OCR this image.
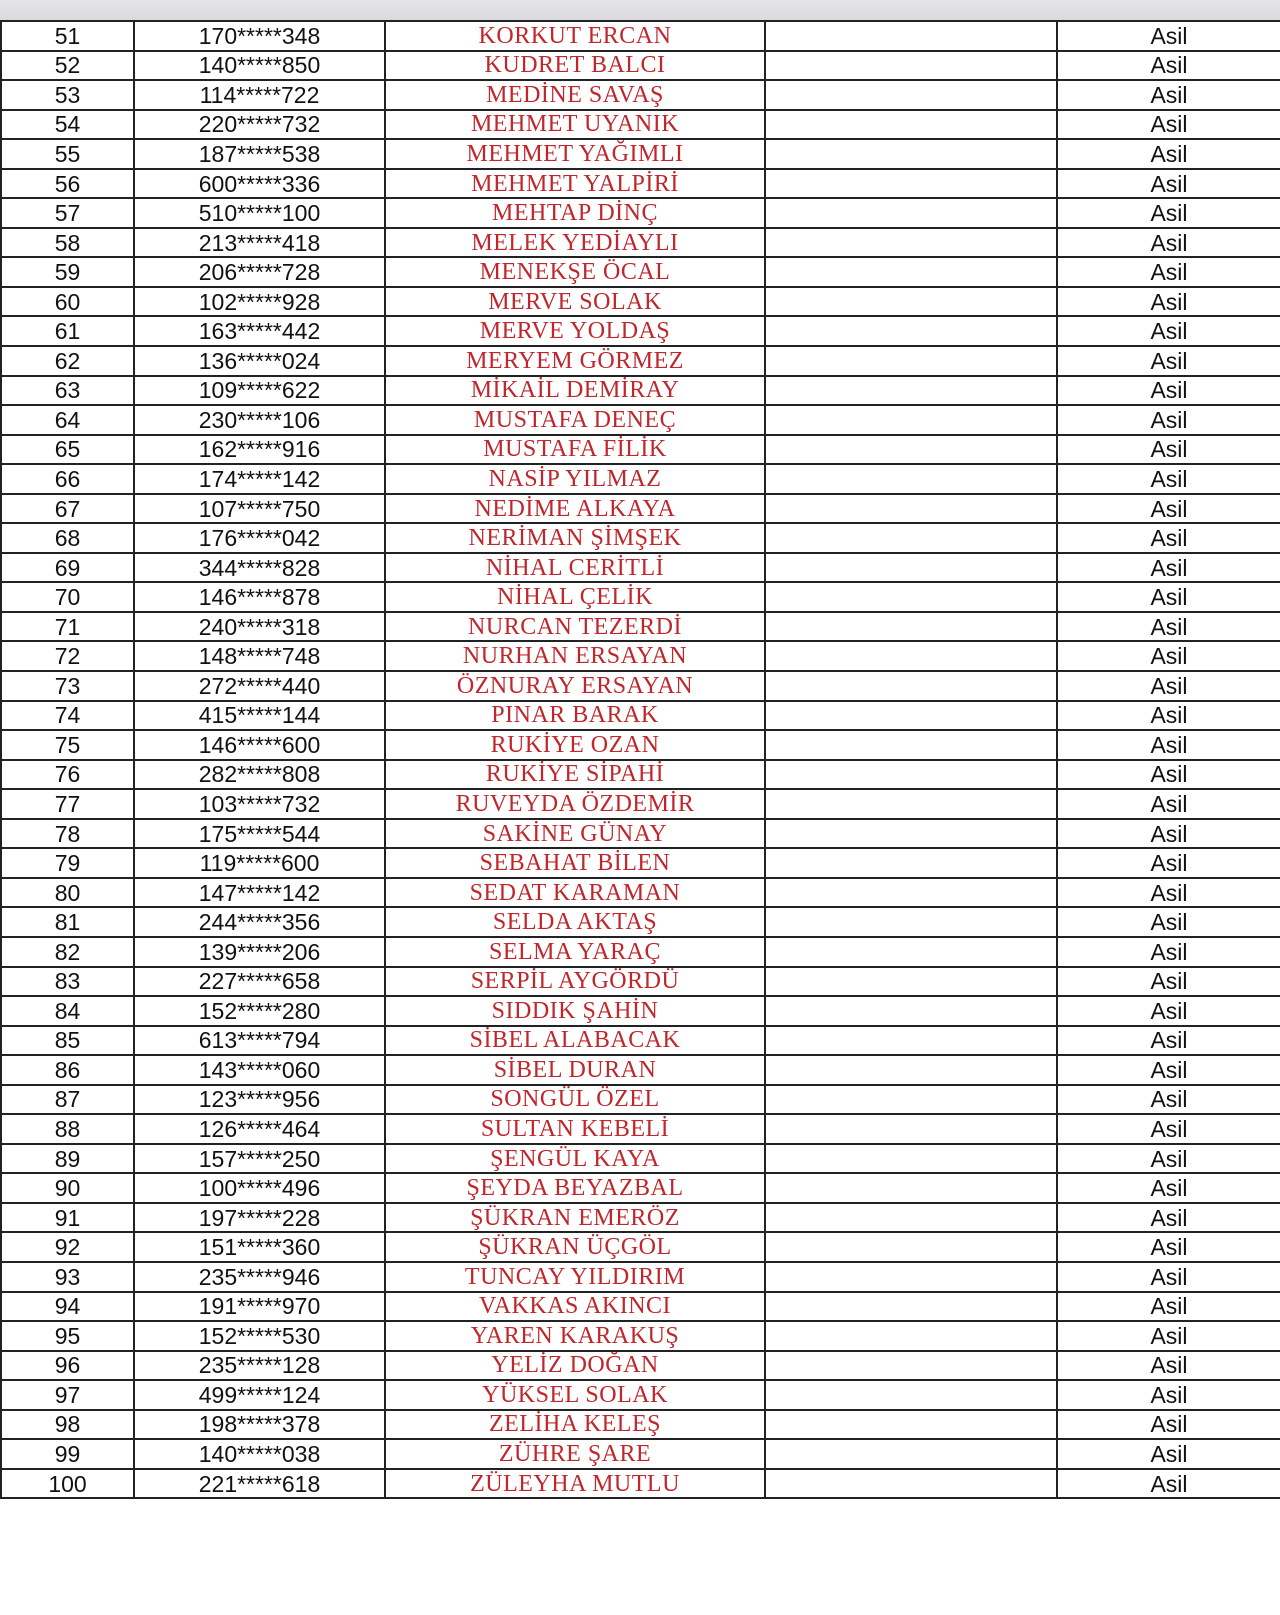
51	170*****348	KORKUT ERCAN		Asil
52	140*****850	KUDRET BALCI		Asil
53	114*****722	MEDİNE SAVAŞ		Asil
54	220*****732	MEHMET UYANIK		Asil
55	187*****538	MEHMET YAĞIMLI		Asil
56	600*****336	MEHMET YALPİRİ		Asil
57	510*****100	MEHTAP DİNÇ		Asil
58	213*****418	MELEK YEDİAYLI		Asil
59	206*****728	MENEKŞE ÖCAL		Asil
60	102*****928	MERVE SOLAK		Asil
61	163*****442	MERVE YOLDAŞ		Asil
62	136*****024	MERYEM GÖRMEZ		Asil
63	109*****622	MİKAİL DEMİRAY		Asil
64	230*****106	MUSTAFA DENEÇ		Asil
65	162*****916	MUSTAFA FİLİK		Asil
66	174*****142	NASİP YILMAZ		Asil
67	107*****750	NEDİME ALKAYA		Asil
68	176*****042	NERİMAN ŞİMŞEK		Asil
69	344*****828	NİHAL CERİTLİ		Asil
70	146*****878	NİHAL ÇELİK		Asil
71	240*****318	NURCAN TEZERDİ		Asil
72	148*****748	NURHAN ERSAYAN		Asil
73	272*****440	ÖZNURAY ERSAYAN		Asil
74	415*****144	PINAR BARAK		Asil
75	146*****600	RUKİYE OZAN		Asil
76	282*****808	RUKİYE SİPAHİ		Asil
77	103*****732	RUVEYDA ÖZDEMİR		Asil
78	175*****544	SAKİNE GÜNAY		Asil
79	119*****600	SEBAHAT BİLEN		Asil
80	147*****142	SEDAT KARAMAN		Asil
81	244*****356	SELDA AKTAŞ		Asil
82	139*****206	SELMA YARAÇ		Asil
83	227*****658	SERPİL AYGÖRDÜ		Asil
84	152*****280	SIDDIK ŞAHİN		Asil
85	613*****794	SİBEL ALABACAK		Asil
86	143*****060	SİBEL DURAN		Asil
87	123*****956	SONGÜL ÖZEL		Asil
88	126*****464	SULTAN KEBELİ		Asil
89	157*****250	ŞENGÜL KAYA		Asil
90	100*****496	ŞEYDA BEYAZBAL		Asil
91	197*****228	ŞÜKRAN EMERÖZ		Asil
92	151*****360	ŞÜKRAN ÜÇGÖL		Asil
93	235*****946	TUNCAY YILDIRIM		Asil
94	191*****970	VAKKAS AKINCI		Asil
95	152*****530	YAREN KARAKUŞ		Asil
96	235*****128	YELİZ DOĞAN		Asil
97	499*****124	YÜKSEL SOLAK		Asil
98	198*****378	ZELİHA KELEŞ		Asil
99	140*****038	ZÜHRE ŞARE		Asil
100	221*****618	ZÜLEYHA MUTLU		Asil
